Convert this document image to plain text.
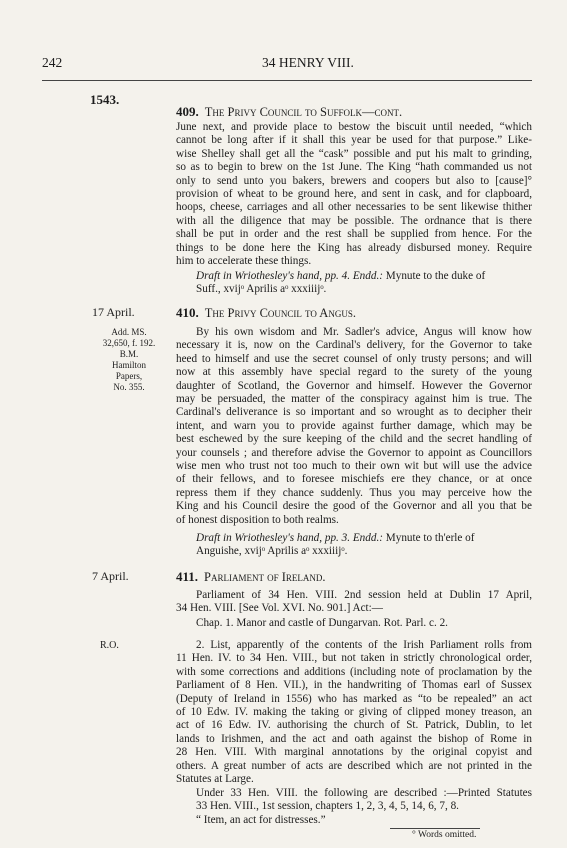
242	34 HENRY VIII.
1543.
409. The Privy Council to Suffolk—cont.
June next, and provide place to bestow the biscuit until needed, “which
cannot be long after if it shall this year be used for that purpose.” Like-
wise Shelley shall get all the “cask” possible and put his malt to grinding,
so as to begin to brew on the 1st June. The King “hath commanded us not
only to send unto you bakers, brewers and coopers but also to [cause]°
provision of wheat to be ground here, and sent in cask, and for clapboard,
hoops, cheese, carriages and all other necessaries to be sent likewise thither
with all the diligence that may be possible. The ordnance that is there
shall be put in order and the rest shall be supplied from hence. For the
things to be done here the King has already disbursed money. Require
him to accelerate these things.
Draft in Wriothesley's hand, pp. 4. Endd.: Mynute to the duke of
Suff., xvijᵒ Aprilis aᵒ xxxiiijᵒ.
17 April.	410. The Privy Council to Angus.
Add. MS.
32,650, f. 192.
B.M.
Hamilton
Papers,
No. 355.
By his own wisdom and Mr. Sadler's advice, Angus will know how
necessary it is, now on the Cardinal's delivery, for the Governor to take
heed to himself and use the secret counsel of only trusty persons; and will
now at this assembly have special regard to the surety of the young
daughter of Scotland, the Governor and himself. However the Governor
may be persuaded, the matter of the conspiracy against him is true. The
Cardinal's deliverance is so important and so wrought as to decipher their
intent, and warn you to provide against further damage, which may be
best eschewed by the sure keeping of the child and the secret handling of
your counsels ; and therefore advise the Governor to appoint as Councillors
wise men who trust not too much to their own wit but will use the advice
of their fellows, and to foresee mischiefs ere they chance, or at once
repress them if they chance suddenly. Thus you may perceive how the
King and his Council desire the good of the Governor and all you that be
of honest disposition to both realms.
Draft in Wriothesley's hand, pp. 3. Endd.: Mynute to th'erle of
Anguishe, xvijᵒ Aprilis aᵒ xxxiiijᵒ.
7 April.	411. Parliament of Ireland.
Parliament of 34 Hen. VIII. 2nd session held at Dublin 17 April,
34 Hen. VIII. [See Vol. XVI. No. 901.] Act:—
Chap. 1. Manor and castle of Dungarvan. Rot. Parl. c. 2.
R.O.	2. List, apparently of the contents of the Irish Parliament rolls from
11 Hen. IV. to 34 Hen. VIII., but not taken in strictly chronological order,
with some corrections and additions (including note of proclamation by the
Parliament of 8 Hen. VII.), in the handwriting of Thomas earl of Sussex
(Deputy of Ireland in 1556) who has marked as “to be repealed” an act
of 10 Edw. IV. making the taking or giving of clipped money treason, an
act of 16 Edw. IV. authorising the church of St. Patrick, Dublin, to let
lands to Irishmen, and the act and oath against the bishop of Rome in
28 Hen. VIII. With marginal annotations by the original copyist and
others. A great number of acts are described which are not printed in the
Statutes at Large.
Under 33 Hen. VIII. the following are described :—Printed Statutes
33 Hen. VIII., 1st session, chapters 1, 2, 3, 4, 5, 14, 6, 7, 8.
“ Item, an act for distresses.”
° Words omitted.
